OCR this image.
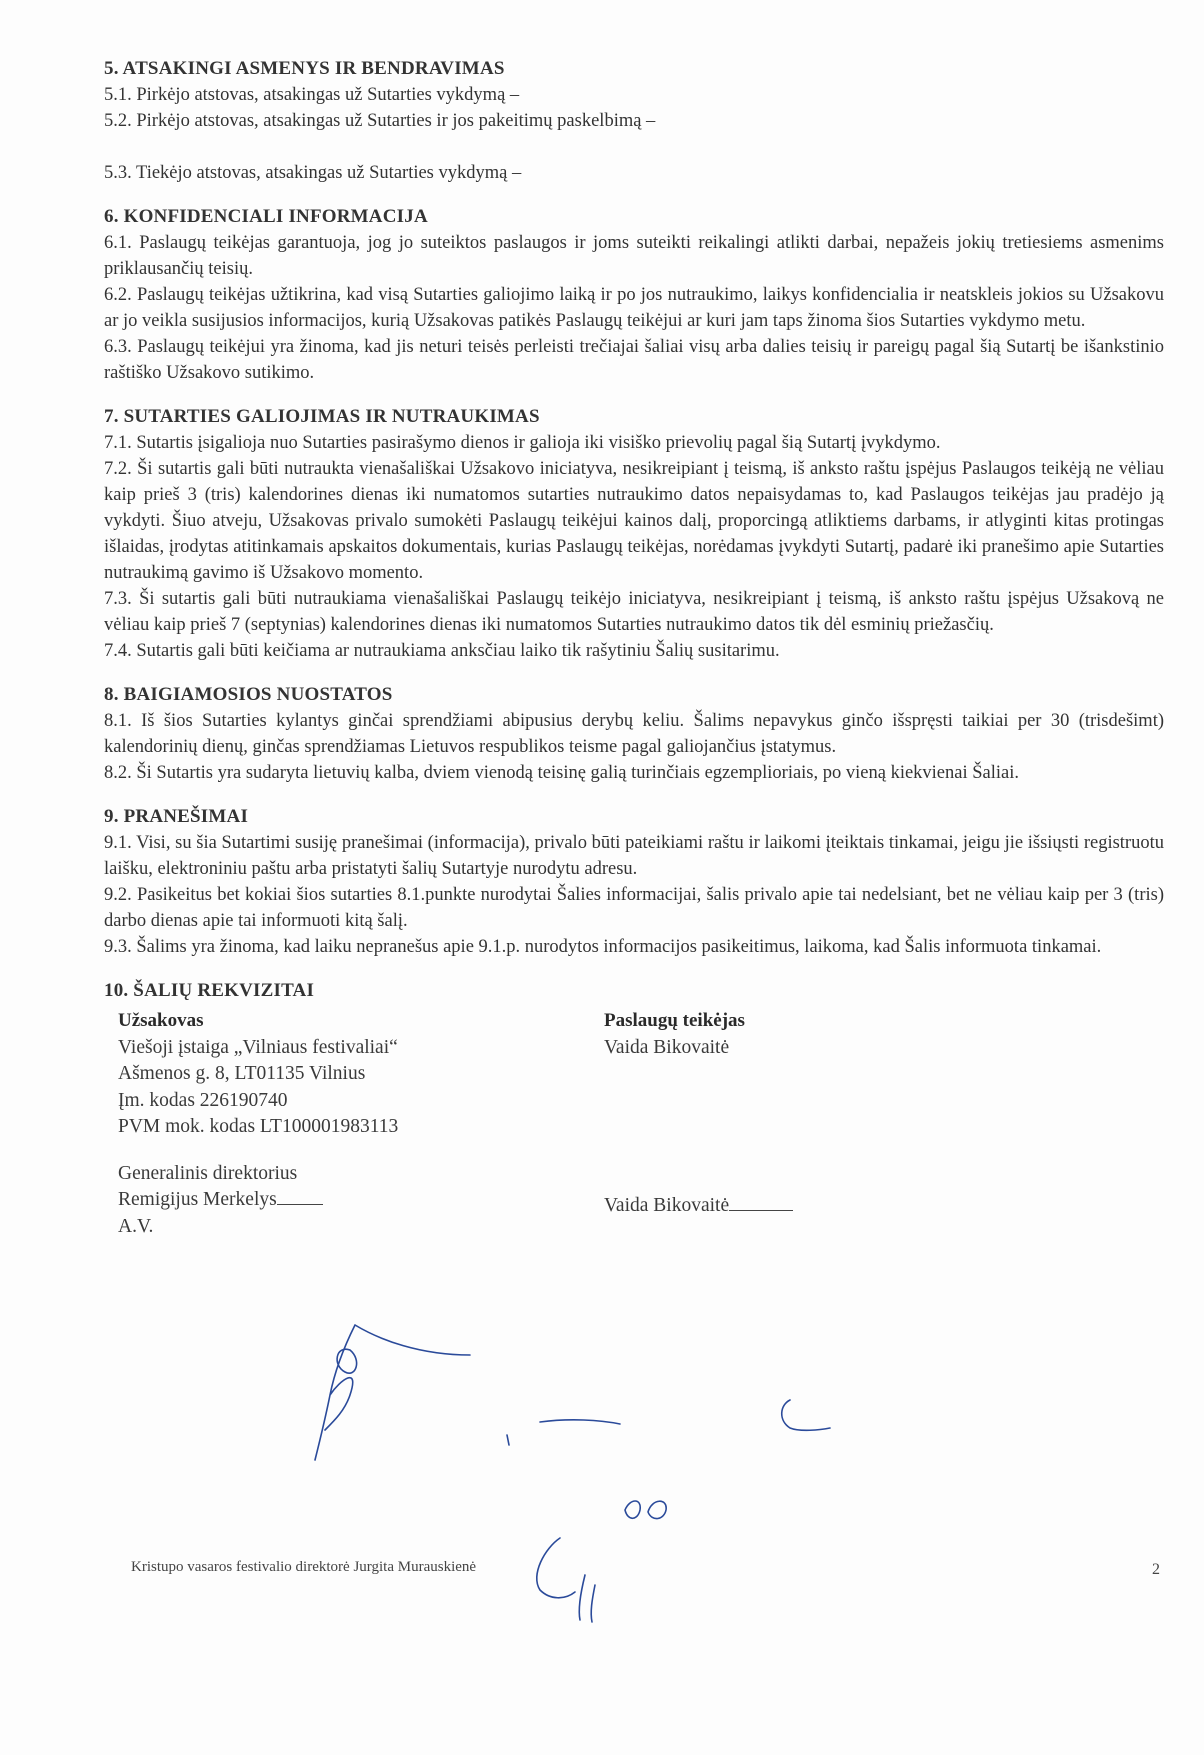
5. ATSAKINGI ASMENYS IR BENDRAVIMAS
5.1. Pirkėjo atstovas, atsakingas už Sutarties vykdymą –
5.2. Pirkėjo atstovas, atsakingas už Sutarties ir jos pakeitimų paskelbimą –
5.3. Tiekėjo atstovas, atsakingas už Sutarties vykdymą –
6. KONFIDENCIALI INFORMACIJA
6.1. Paslaugų teikėjas garantuoja, jog jo suteiktos paslaugos ir joms suteikti reikalingi atlikti darbai, nepažeis jokių tretiesiems asmenims priklausančių teisių.
6.2. Paslaugų teikėjas užtikrina, kad visą Sutarties galiojimo laiką ir po jos nutraukimo, laikys konfidencialia ir neatskleis jokios su Užsakovu ar jo veikla susijusios informacijos, kurią Užsakovas patikės Paslaugų teikėjui ar kuri jam taps žinoma šios Sutarties vykdymo metu.
6.3. Paslaugų teikėjui yra žinoma, kad jis neturi teisės perleisti trečiajai šaliai visų arba dalies teisių ir pareigų pagal šią Sutartį be išankstinio raštiško Užsakovo sutikimo.
7. SUTARTIES GALIOJIMAS IR NUTRAUKIMAS
7.1. Sutartis įsigalioja nuo Sutarties pasirašymo dienos ir galioja iki visiško prievolių pagal šią Sutartį įvykdymo.
7.2. Ši sutartis gali būti nutraukta vienašališkai Užsakovo iniciatyva, nesikreipiant į teismą, iš anksto raštu įspėjus Paslaugos teikėją ne vėliau kaip prieš 3 (tris) kalendorines dienas iki numatomos sutarties nutraukimo datos nepaisydamas to, kad Paslaugos teikėjas jau pradėjo ją vykdyti. Šiuo atveju, Užsakovas privalo sumokėti Paslaugų teikėjui kainos dalį, proporcingą atliktiems darbams, ir atlyginti kitas protingas išlaidas, įrodytas atitinkamais apskaitos dokumentais, kurias Paslaugų teikėjas, norėdamas įvykdyti Sutartį, padarė iki pranešimo apie Sutarties nutraukimą gavimo iš Užsakovo momento.
7.3. Ši sutartis gali būti nutraukiama vienašališkai Paslaugų teikėjo iniciatyva, nesikreipiant į teismą, iš anksto raštu įspėjus Užsakovą ne vėliau kaip prieš 7 (septynias) kalendorines dienas iki numatomos Sutarties nutraukimo datos tik dėl esminių priežasčių.
7.4. Sutartis gali būti keičiama ar nutraukiama anksčiau laiko tik rašytiniu Šalių susitarimu.
8. BAIGIAMOSIOS NUOSTATOS
8.1. Iš šios Sutarties kylantys ginčai sprendžiami abipusius derybų keliu. Šalims nepavykus ginčo išspręsti taikiai per 30 (trisdešimt) kalendorinių dienų, ginčas sprendžiamas Lietuvos respublikos teisme pagal galiojančius įstatymus.
8.2. Ši Sutartis yra sudaryta lietuvių kalba, dviem vienodą teisinę galią turinčiais egzemplioriais, po vieną kiekvienai Šaliai.
9. PRANEŠIMAI
9.1. Visi, su šia Sutartimi susiję pranešimai (informacija), privalo būti pateikiami raštu ir laikomi įteiktais tinkamai, jeigu jie išsiųsti registruotu laišku, elektroniniu paštu arba pristatyti šalių Sutartyje nurodytu adresu.
9.2. Pasikeitus bet kokiai šios sutarties 8.1.punkte nurodytai Šalies informacijai, šalis privalo apie tai nedelsiant, bet ne vėliau kaip per 3 (tris) darbo dienas apie tai informuoti kitą šalį.
9.3. Šalims yra žinoma, kad laiku nepranešus apie 9.1.p. nurodytos informacijos pasikeitimus, laikoma, kad Šalis informuota tinkamai.
10. ŠALIŲ REKVIZITAI
Užsakovas
Viešoji įstaiga „Vilniaus festivaliai“
Ašmenos g. 8, LT01135 Vilnius
Įm. kodas 226190740
PVM mok. kodas LT100001983113
Generalinis direktorius
Remigijus Merkelys
A.V.
Paslaugų teikėjas
Vaida Bikovaitė
Vaida Bikovaitė
Kristupo vasaros festivalio direktorė Jurgita Murauskienė	2
